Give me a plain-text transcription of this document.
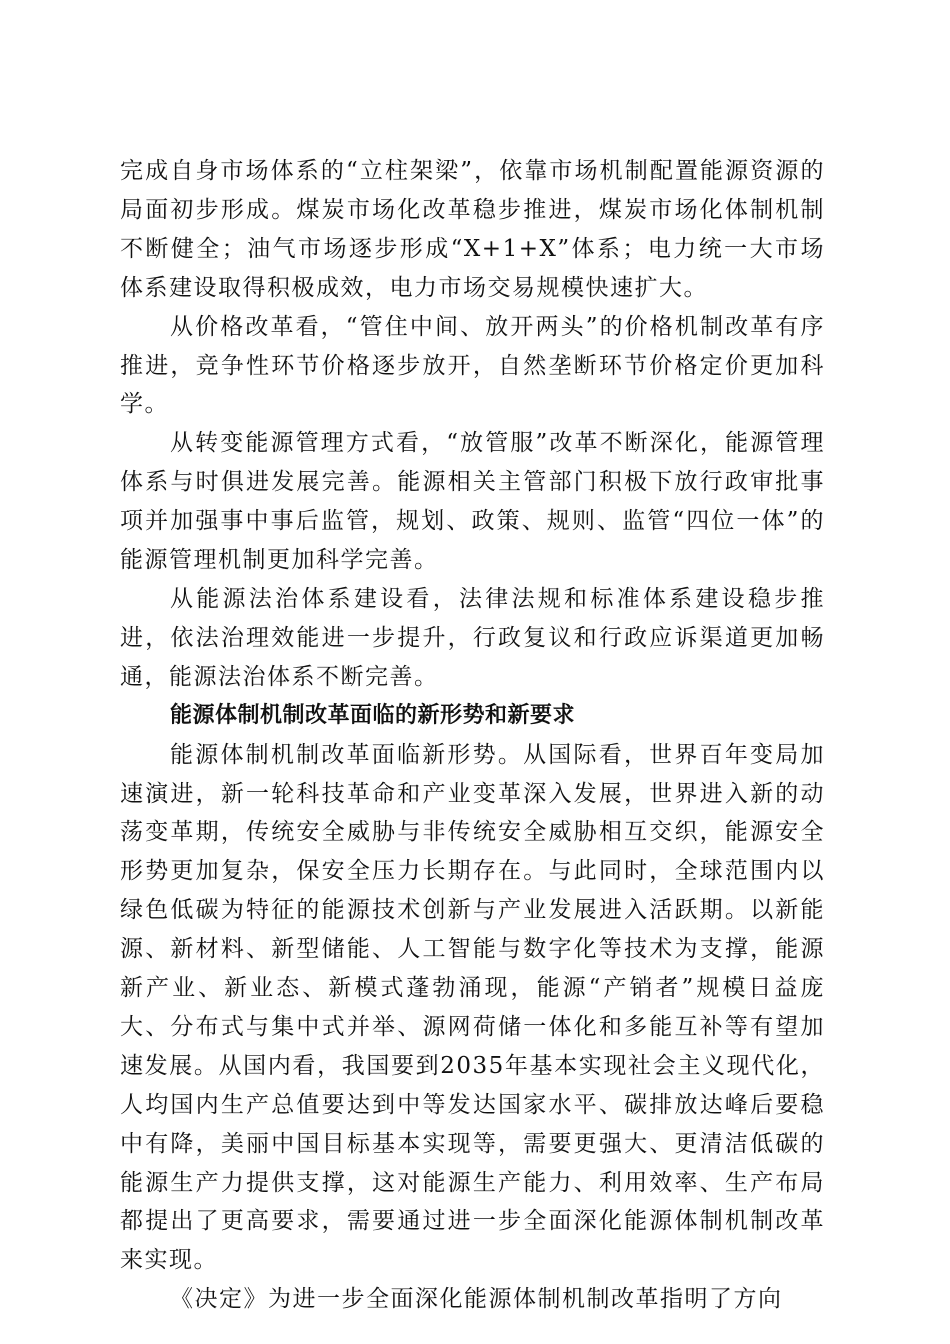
完成自身市场体系的“立柱架梁”，依靠市场机制配置能源资源的局面初步形成。煤炭市场化改革稳步推进，煤炭市场化体制机制不断健全；油气市场逐步形成“X+1+X”体系；电力统一大市场体系建设取得积极成效，电力市场交易规模快速扩大。

从价格改革看，“管住中间、放开两头”的价格机制改革有序推进，竞争性环节价格逐步放开，自然垄断环节价格定价更加科学。

从转变能源管理方式看，“放管服”改革不断深化，能源管理体系与时俱进发展完善。能源相关主管部门积极下放行政审批事项并加强事中事后监管，规划、政策、规则、监管“四位一体”的能源管理机制更加科学完善。

从能源法治体系建设看，法律法规和标准体系建设稳步推进，依法治理效能进一步提升，行政复议和行政应诉渠道更加畅通，能源法治体系不断完善。

能源体制机制改革面临的新形势和新要求

能源体制机制改革面临新形势。从国际看，世界百年变局加速演进，新一轮科技革命和产业变革深入发展，世界进入新的动荡变革期，传统安全威胁与非传统安全威胁相互交织，能源安全形势更加复杂，保安全压力长期存在。与此同时，全球范围内以绿色低碳为特征的能源技术创新与产业发展进入活跃期。以新能源、新材料、新型储能、人工智能与数字化等技术为支撑，能源新产业、新业态、新模式蓬勃涌现，能源“产销者”规模日益庞大、分布式与集中式并举、源网荷储一体化和多能互补等有望加速发展。从国内看，我国要到2035年基本实现社会主义现代化，人均国内生产总值要达到中等发达国家水平、碳排放达峰后要稳中有降，美丽中国目标基本实现等，需要更强大、更清洁低碳的能源生产力提供支撑，这对能源生产能力、利用效率、生产布局都提出了更高要求，需要通过进一步全面深化能源体制机制改革来实现。

《决定》为进一步全面深化能源体制机制改革指明了方向
